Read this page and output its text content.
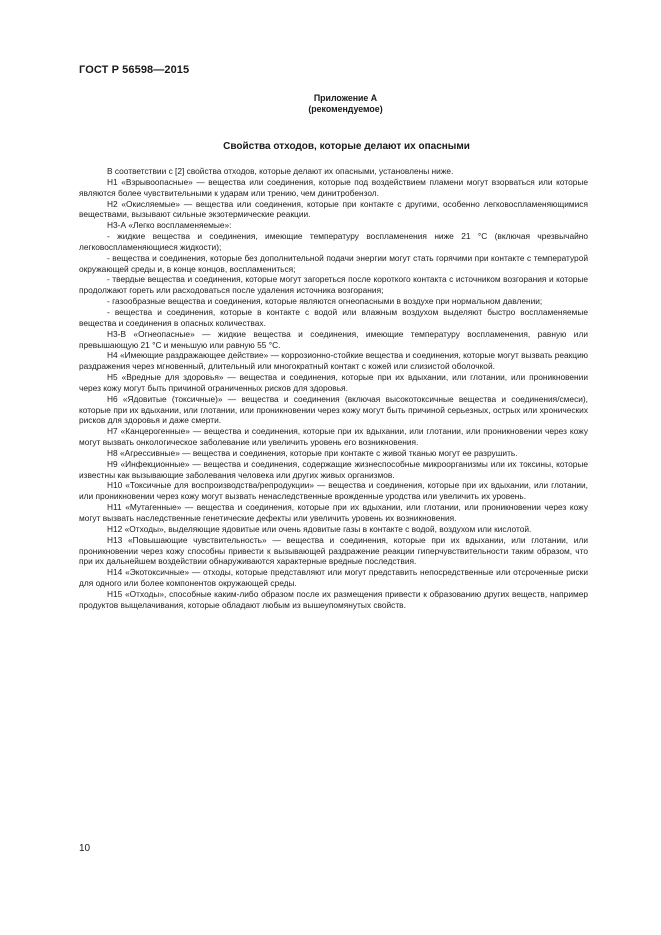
ГОСТ Р 56598—2015
Приложение А
(рекомендуемое)
Свойства отходов, которые делают их опасными

В соответствии с [2] свойства отходов, которые делают их опасными, установлены ниже.

Н1 «Взрывоопасные» — вещества или соединения, которые под воздействием пламени могут взорваться или которые являются более чувствительными к ударам или трению, чем динитробензол.

Н2 «Окисляемые» — вещества или соединения, которые при контакте с другими, особенно легковоспламеняющимися веществами, вызывают сильные экзотермические реакции.

Н3-А «Легко воспламеняемые»:

- жидкие вещества и соединения, имеющие температуру воспламенения ниже 21 °С (включая чрезвычайно легковоспламеняющиеся жидкости);

- вещества и соединения, которые без дополнительной подачи энергии могут стать горячими при контакте с температурой окружающей среды и, в конце концов, воспламениться;

- твердые вещества и соединения, которые могут загореться после короткого контакта с источником возгорания и которые продолжают гореть или расходоваться после удаления источника возгорания;

- газообразные вещества и соединения, которые являются огнеопасными в воздухе при нормальном давлении;

- вещества и соединения, которые в контакте с водой или влажным воздухом выделяют быстро воспламеняемые вещества и соединения в опасных количествах.

Н3-В «Огнеопасные» — жидкие вещества и соединения, имеющие температуру воспламенения, равную или превышающую 21 °С и меньшую или равную 55 °С.

Н4 «Имеющие раздражающее действие» — коррозионно-стойкие вещества и соединения, которые могут вызвать реакцию раздражения через мгновенный, длительный или многократный контакт с кожей или слизистой оболочкой.

Н5 «Вредные для здоровья» — вещества и соединения, которые при их вдыхании, или глотании, или проникновении через кожу могут быть причиной ограниченных рисков для здоровья.

Н6 «Ядовитые (токсичные)» — вещества и соединения (включая высокотоксичные вещества и соединения/смеси), которые при их вдыхании, или глотании, или проникновении через кожу могут быть причиной серьезных, острых или хронических рисков для здоровья и даже смерти.

Н7 «Канцерогенные» — вещества и соединения, которые при их вдыхании, или глотании, или проникновении через кожу могут вызвать онкологическое заболевание или увеличить уровень его возникновения.

Н8 «Агрессивные» — вещества и соединения, которые при контакте с живой тканью могут ее разрушить.

Н9 «Инфекционные» — вещества и соединения, содержащие жизнеспособные микроорганизмы или их токсины, которые известны как вызывающие заболевания человека или других живых организмов.

Н10 «Токсичные для воспроизводства/репродукции» — вещества и соединения, которые при их вдыхании, или глотании, или проникновении через кожу могут вызвать ненаследственные врожденные уродства или увеличить их уровень.

Н11 «Мутагенные» — вещества и соединения, которые при их вдыхании, или глотании, или проникновении через кожу могут вызвать наследственные генетические дефекты или увеличить уровень их возникновения.

Н12 «Отходы», выделяющие ядовитые или очень ядовитые газы в контакте с водой, воздухом или кислотой.

Н13 «Повышающие чувствительность» — вещества и соединения, которые при их вдыхании, или глотании, или проникновении через кожу способны привести к вызывающей раздражение реакции гиперчувствительности таким образом, что при их дальнейшем воздействии обнаруживаются характерные вредные последствия.

Н14 «Экотоксичные» — отходы, которые представляют или могут представить непосредственные или отсроченные риски для одного или более компонентов окружающей среды.

Н15 «Отходы», способные каким-либо образом после их размещения привести к образованию других веществ, например продуктов выщелачивания, которые обладают любым из вышеупомянутых свойств.

10
